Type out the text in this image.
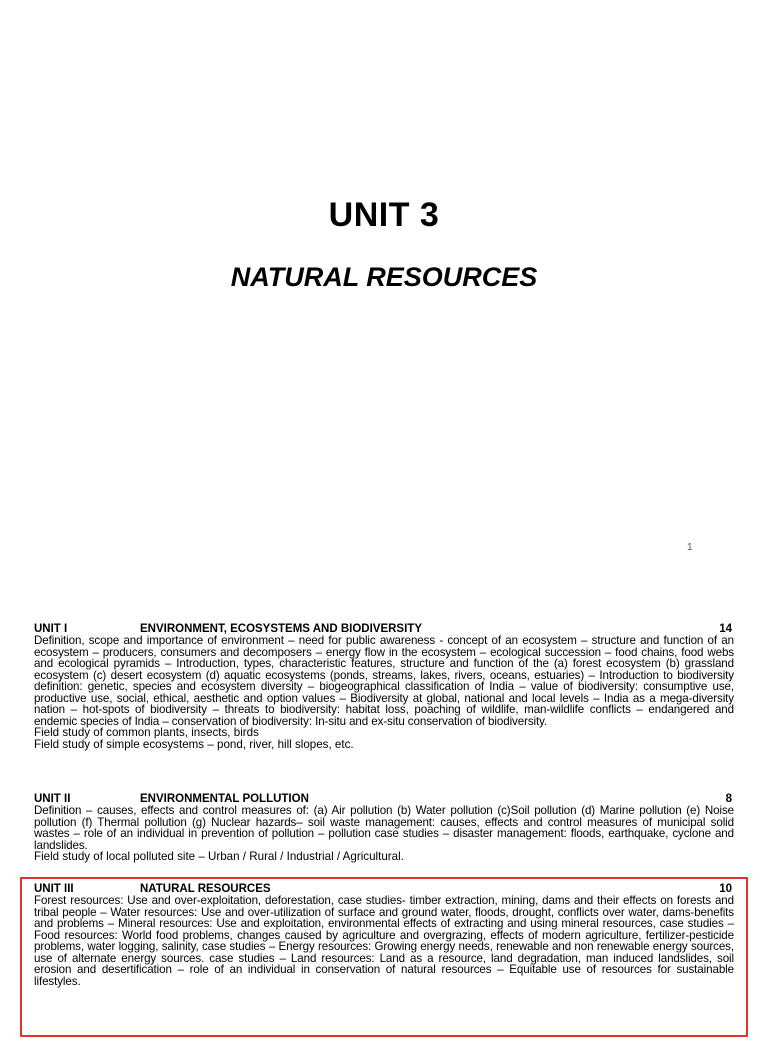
UNIT 3
NATURAL RESOURCES
1
UNIT I	ENVIRONMENT, ECOSYSTEMS AND BIODIVERSITY	14
Definition, scope and importance of environment – need for public awareness - concept of an ecosystem – structure and function of an ecosystem – producers, consumers and decomposers – energy flow in the ecosystem – ecological succession – food chains, food webs and ecological pyramids – Introduction, types, characteristic features, structure and function of the (a) forest ecosystem (b) grassland ecosystem (c) desert ecosystem (d) aquatic ecosystems (ponds, streams, lakes, rivers, oceans, estuaries) – Introduction to biodiversity definition: genetic, species and ecosystem diversity – biogeographical classification of India – value of biodiversity: consumptive use, productive use, social, ethical, aesthetic and option values – Biodiversity at global, national and local levels – India as a mega-diversity nation – hot-spots of biodiversity – threats to biodiversity: habitat loss, poaching of wildlife, man-wildlife conflicts – endangered and endemic species of India – conservation of biodiversity: In-situ and ex-situ conservation of biodiversity.
Field study of common plants, insects, birds
Field study of simple ecosystems – pond, river, hill slopes, etc.
UNIT II	ENVIRONMENTAL POLLUTION	8
Definition – causes, effects and control measures of: (a) Air pollution (b) Water pollution (c)Soil pollution (d) Marine pollution (e) Noise pollution (f) Thermal pollution (g) Nuclear hazards– soil waste management: causes, effects and control measures of municipal solid wastes – role of an individual in prevention of pollution – pollution case studies – disaster management: floods, earthquake, cyclone and landslides.
Field study of local polluted site – Urban / Rural / Industrial / Agricultural.
UNIT III	NATURAL RESOURCES	10
Forest resources: Use and over-exploitation, deforestation, case studies- timber extraction, mining, dams and their effects on forests and tribal people – Water resources: Use and over-utilization of surface and ground water, floods, drought, conflicts over water, dams-benefits and problems – Mineral resources: Use and exploitation, environmental effects of extracting and using mineral resources, case studies – Food resources: World food problems, changes caused by agriculture and overgrazing, effects of modern agriculture, fertilizer-pesticide problems, water logging, salinity, case studies – Energy resources: Growing energy needs, renewable and non renewable energy sources, use of alternate energy sources. case studies – Land resources: Land as a resource, land degradation, man induced landslides, soil erosion and desertification – role of an individual in conservation of natural resources – Equitable use of resources for sustainable lifestyles.
